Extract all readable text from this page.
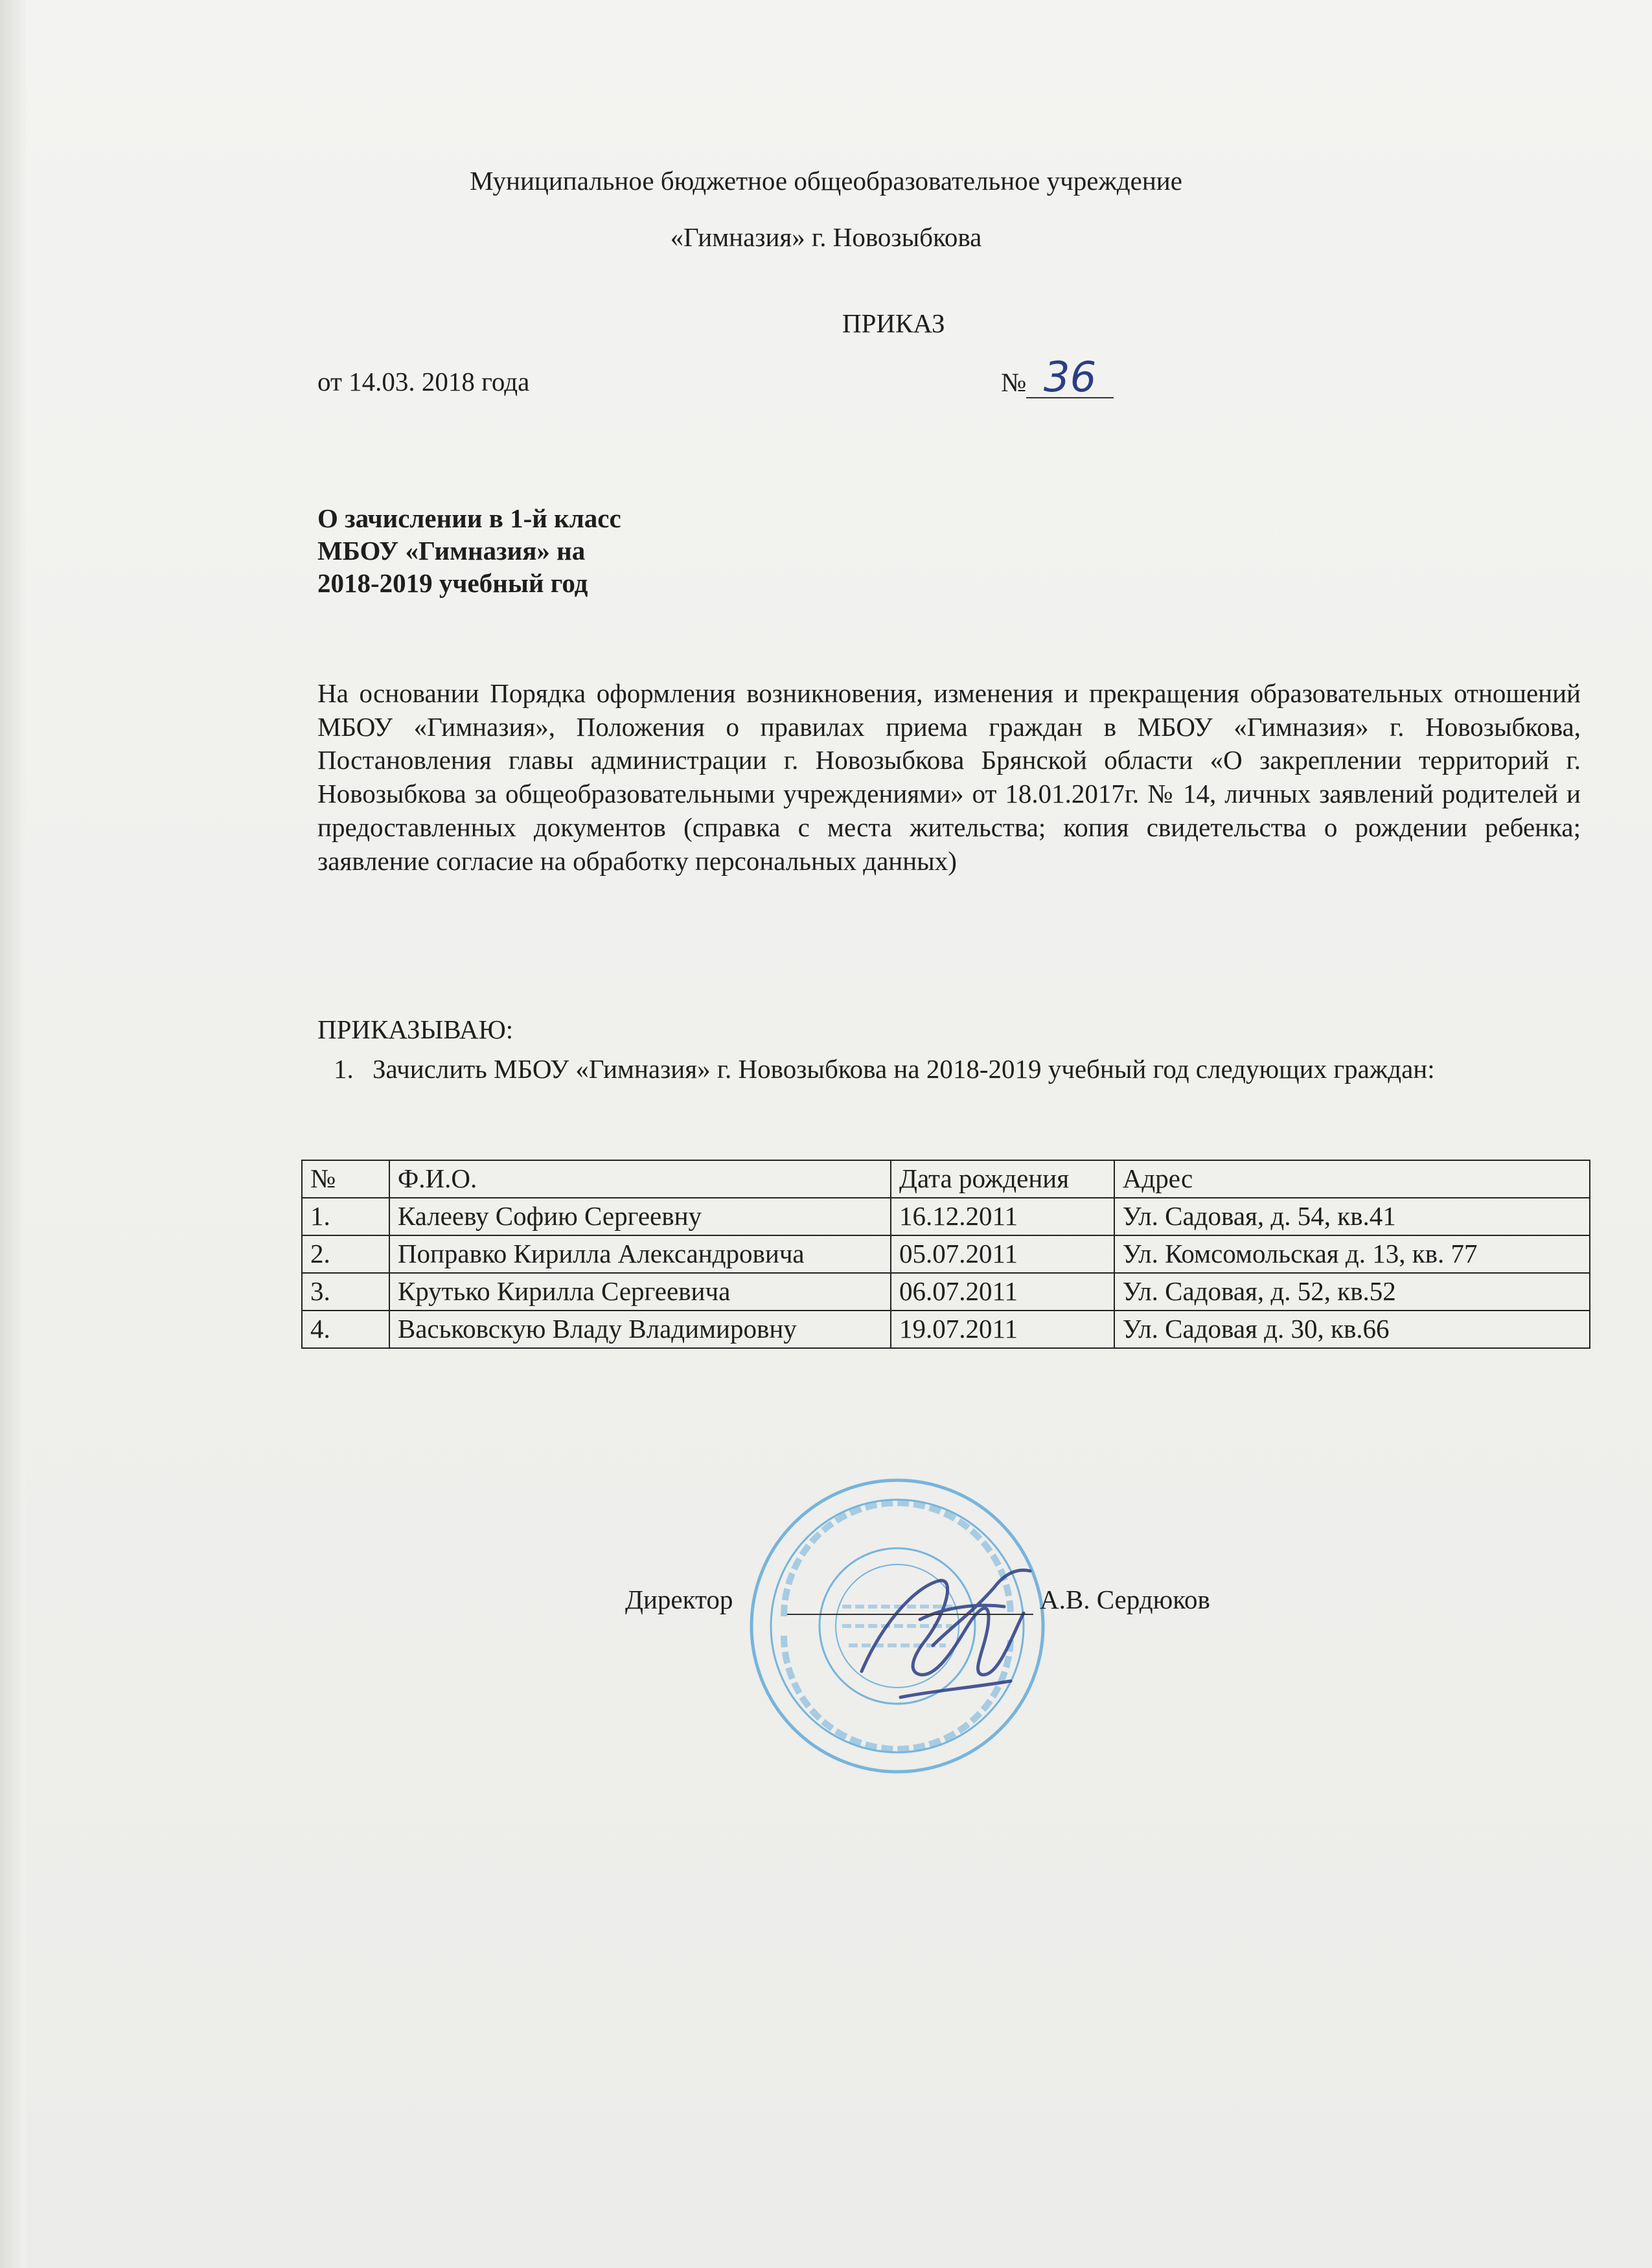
Муниципальное бюджетное общеобразовательное учреждение
«Гимназия» г. Новозыбкова
ПРИКАЗ
от 14.03. 2018 года	№ 36
О зачислении в 1-й класс
МБОУ «Гимназия» на
2018-2019 учебный год
На основании Порядка оформления возникновения, изменения и прекращения образовательных отношений МБОУ «Гимназия», Положения о правилах приема граждан в МБОУ «Гимназия» г. Новозыбкова, Постановления главы администрации г. Новозыбкова Брянской области «О закреплении территорий г. Новозыбкова за общеобразовательными учреждениями» от 18.01.2017г. № 14, личных заявлений родителей и предоставленных документов (справка с места жительства; копия свидетельства о рождении ребенка; заявление согласие на обработку персональных данных)
ПРИКАЗЫВАЮ:
1. Зачислить МБОУ «Гимназия» г. Новозыбкова на 2018-2019 учебный год следующих граждан:
№	Ф.И.О.	Дата рождения	Адрес
1.	Калееву Софию Сергеевну	16.12.2011	Ул. Садовая, д. 54, кв.41
2.	Поправко Кирилла Александровича	05.07.2011	Ул. Комсомольская д. 13, кв. 77
3.	Крутько Кирилла Сергеевича	06.07.2011	Ул. Садовая, д. 52, кв.52
4.	Васьковскую Владу Владимировну	19.07.2011	Ул. Садовая д. 30, кв.66
Директор	А.В. Сердюков
